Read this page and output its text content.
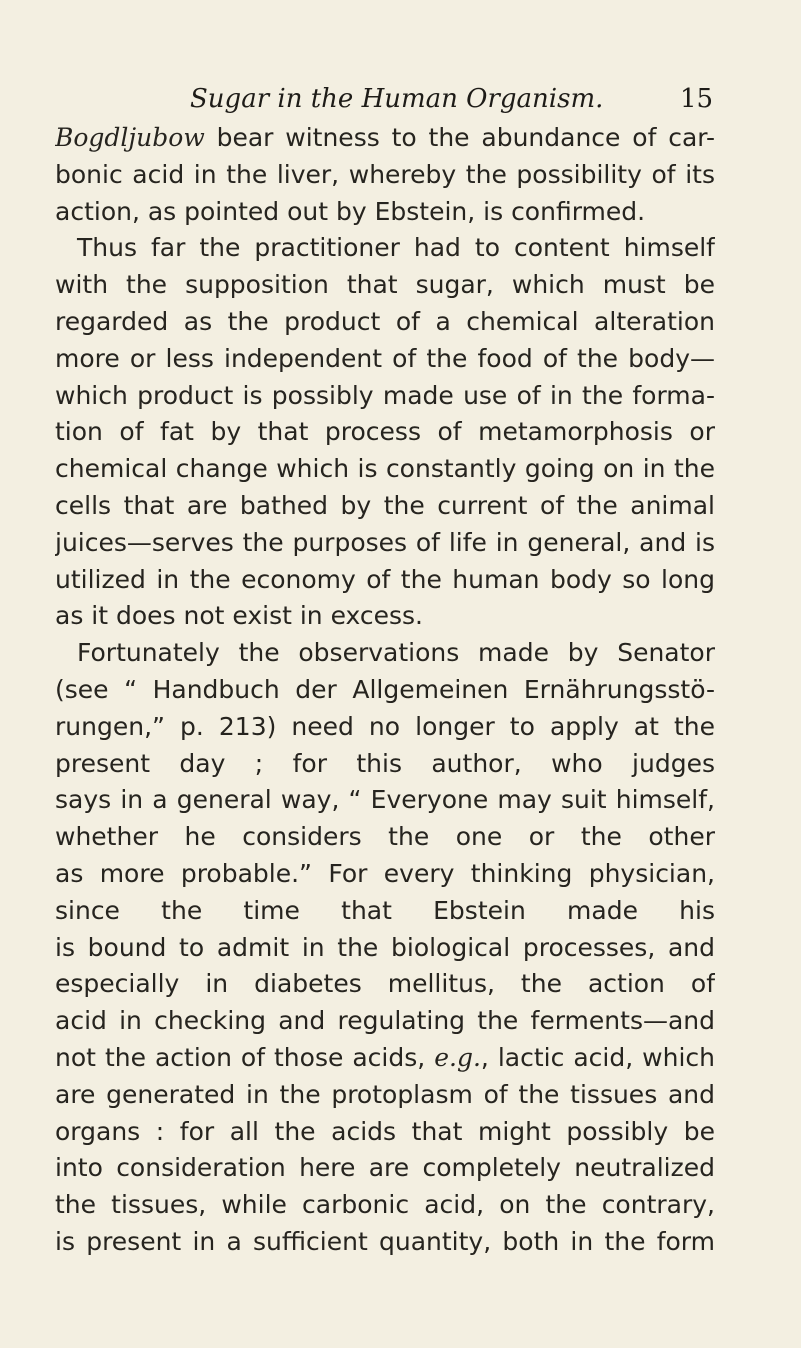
Sugar in the Human Organism.	15
Bogdljubow bear witness to the abundance of car-
bonic acid in the liver, whereby the possibility of its
action, as pointed out by Ebstein, is confirmed.
Thus far the practitioner had to content himself
with the supposition that sugar, which must be
regarded as the product of a chemical alteration
more or less independent of the food of the body—
which product is possibly made use of in the forma-
tion of fat by that process of metamorphosis or
chemical change which is constantly going on in the
cells that are bathed by the current of the animal
juices—serves the purposes of life in general, and is
utilized in the economy of the human body so long
as it does not exist in excess.
Fortunately the observations made by Senator
(see “ Handbuch der Allgemeinen Ernährungsstö-
rungen,” p. 213) need no longer to apply at the
present day ; for this author, who judges
says in a general way, “ Everyone may suit himself,
whether he considers the one or the other
as more probable.” For every thinking physician,
since the time that Ebstein made his
is bound to admit in the biological processes, and
especially in diabetes mellitus, the action of
acid in checking and regulating the ferments—and
not the action of those acids, e.g., lactic acid, which
are generated in the protoplasm of the tissues and
organs : for all the acids that might possibly be
into consideration here are completely neutralized
the tissues, while carbonic acid, on the contrary,
is present in a sufficient quantity, both in the form
